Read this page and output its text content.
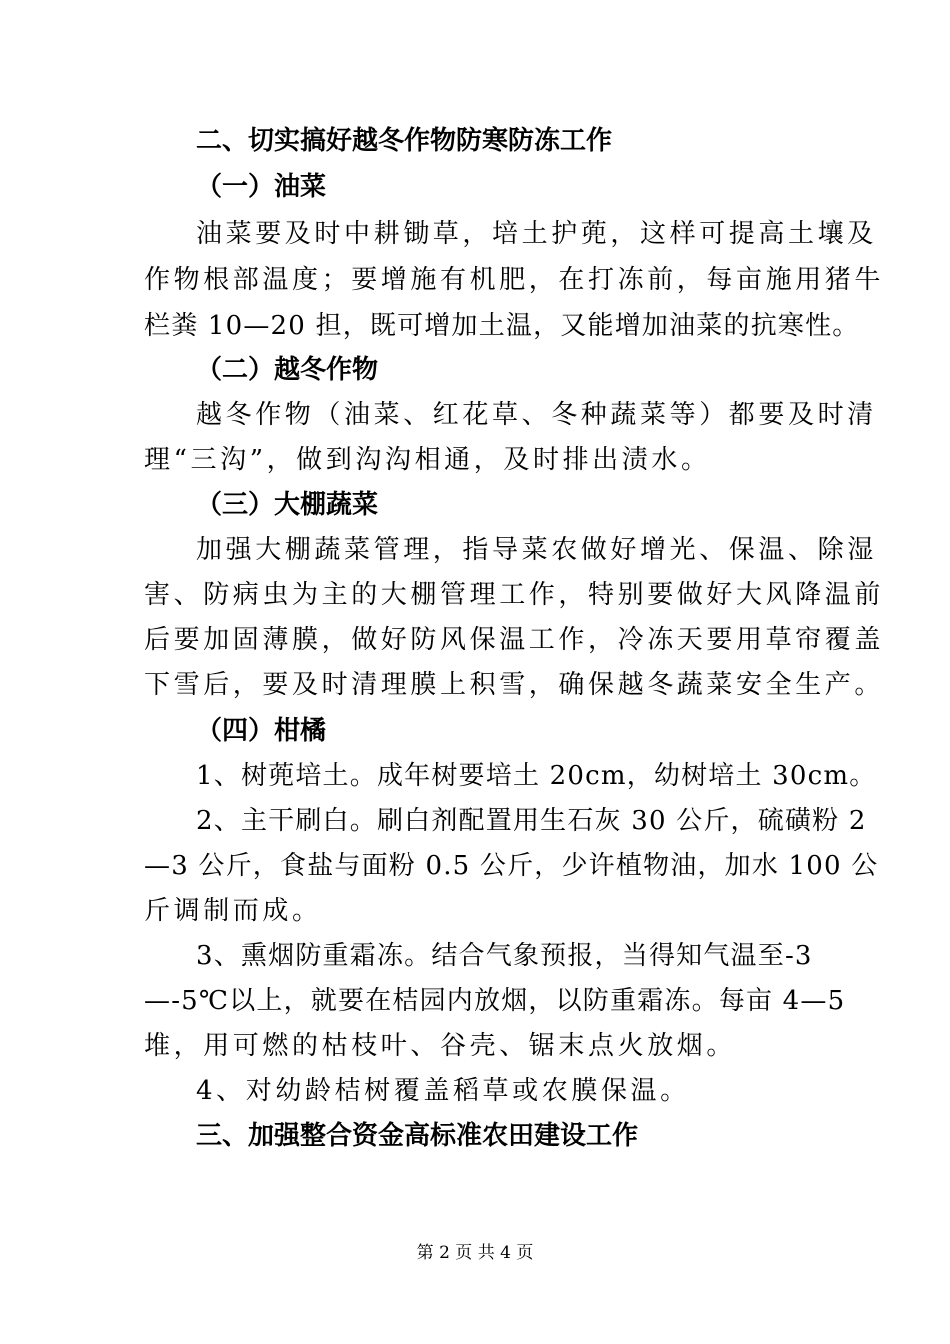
二、切实搞好越冬作物防寒防冻工作
（一）油菜
油菜要及时中耕锄草，培土护蔸，这样可提高土壤及
作物根部温度；要增施有机肥，在打冻前，每亩施用猪牛
栏粪 10—20 担，既可增加土温，又能增加油菜的抗寒性。
（二）越冬作物
越冬作物（油菜、红花草、冬种蔬菜等）都要及时清
理“三沟”，做到沟沟相通，及时排出渍水。
（三）大棚蔬菜
加强大棚蔬菜管理，指导菜农做好增光、保温、除湿
害、防病虫为主的大棚管理工作，特别要做好大风降温前
后要加固薄膜，做好防风保温工作，冷冻天要用草帘覆盖
下雪后，要及时清理膜上积雪，确保越冬蔬菜安全生产。
（四）柑橘
1、树蔸培土。成年树要培土 20cm，幼树培土 30cm。
2、主干刷白。刷白剂配置用生石灰 30 公斤，硫磺粉 2
—3 公斤，食盐与面粉 0.5 公斤，少许植物油，加水 100 公
斤调制而成。
3、熏烟防重霜冻。结合气象预报，当得知气温至-3
—-5℃以上，就要在桔园内放烟，以防重霜冻。每亩 4—5
堆，用可燃的枯枝叶、谷壳、锯末点火放烟。
4、对幼龄桔树覆盖稻草或农膜保温。
三、加强整合资金高标准农田建设工作
第 2 页 共 4 页
